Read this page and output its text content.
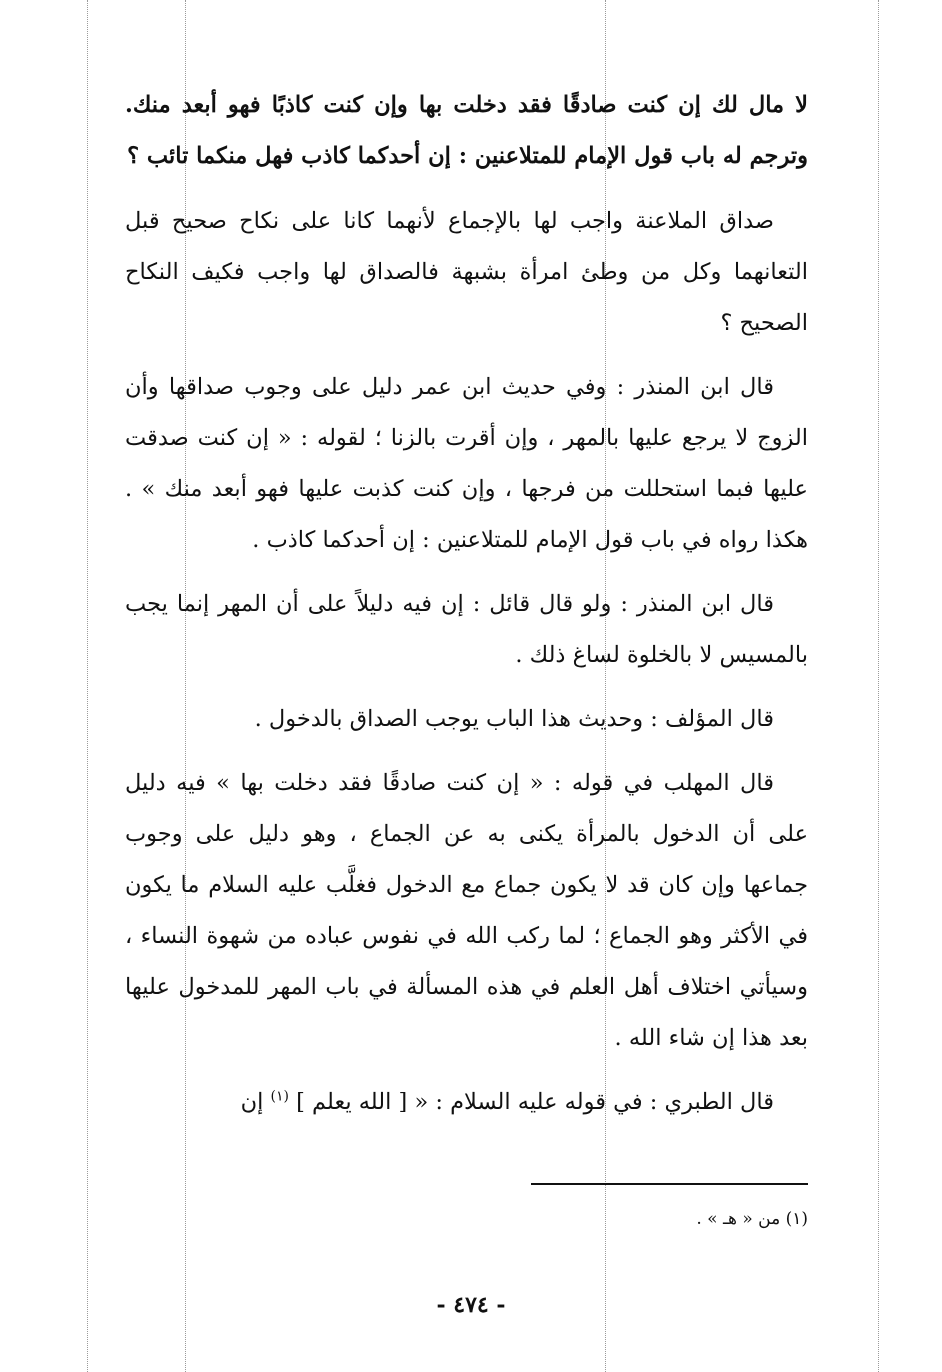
لا مال لك إن كنت صادقًا فقد دخلت بها وإن كنت كاذبًا فهو أبعد منك. وترجم له باب قول الإمام للمتلاعنين : إن أحدكما كاذب فهل منكما تائب ؟

صداق الملاعنة واجب لها بالإجماع لأنهما كانا على نكاح صحيح قبل التعانهما وكل من وطئ امرأة بشبهة فالصداق لها واجب فكيف النكاح الصحيح ؟

قال ابن المنذر : وفي حديث ابن عمر دليل على وجوب صداقها وأن الزوج لا يرجع عليها بالمهر ، وإن أقرت بالزنا ؛ لقوله : « إن كنت صدقت عليها فبما استحللت من فرجها ، وإن كنت كذبت عليها فهو أبعد منك » . هكذا رواه في باب قول الإمام للمتلاعنين : إن أحدكما كاذب .

قال ابن المنذر : ولو قال قائل : إن فيه دليلاً على أن المهر إنما يجب بالمسيس لا بالخلوة لساغ ذلك .

قال المؤلف : وحديث هذا الباب يوجب الصداق بالدخول .

قال المهلب في قوله : « إن كنت صادقًا فقد دخلت بها » فيه دليل على أن الدخول بالمرأة يكنى به عن الجماع ، وهو دليل على وجوب جماعها وإن كان قد لا يكون جماع مع الدخول فغلَّب عليه السلام ما يكون في الأكثر وهو الجماع ؛ لما ركب الله في نفوس عباده من شهوة النساء ، وسيأتي اختلاف أهل العلم في هذه المسألة في باب المهر للمدخول عليها بعد هذا إن شاء الله .

قال الطبري : في قوله عليه السلام : « [ الله يعلم ] $^{(١)}$ إن

(١) من « هـ » .
- ٤٧٤ -
